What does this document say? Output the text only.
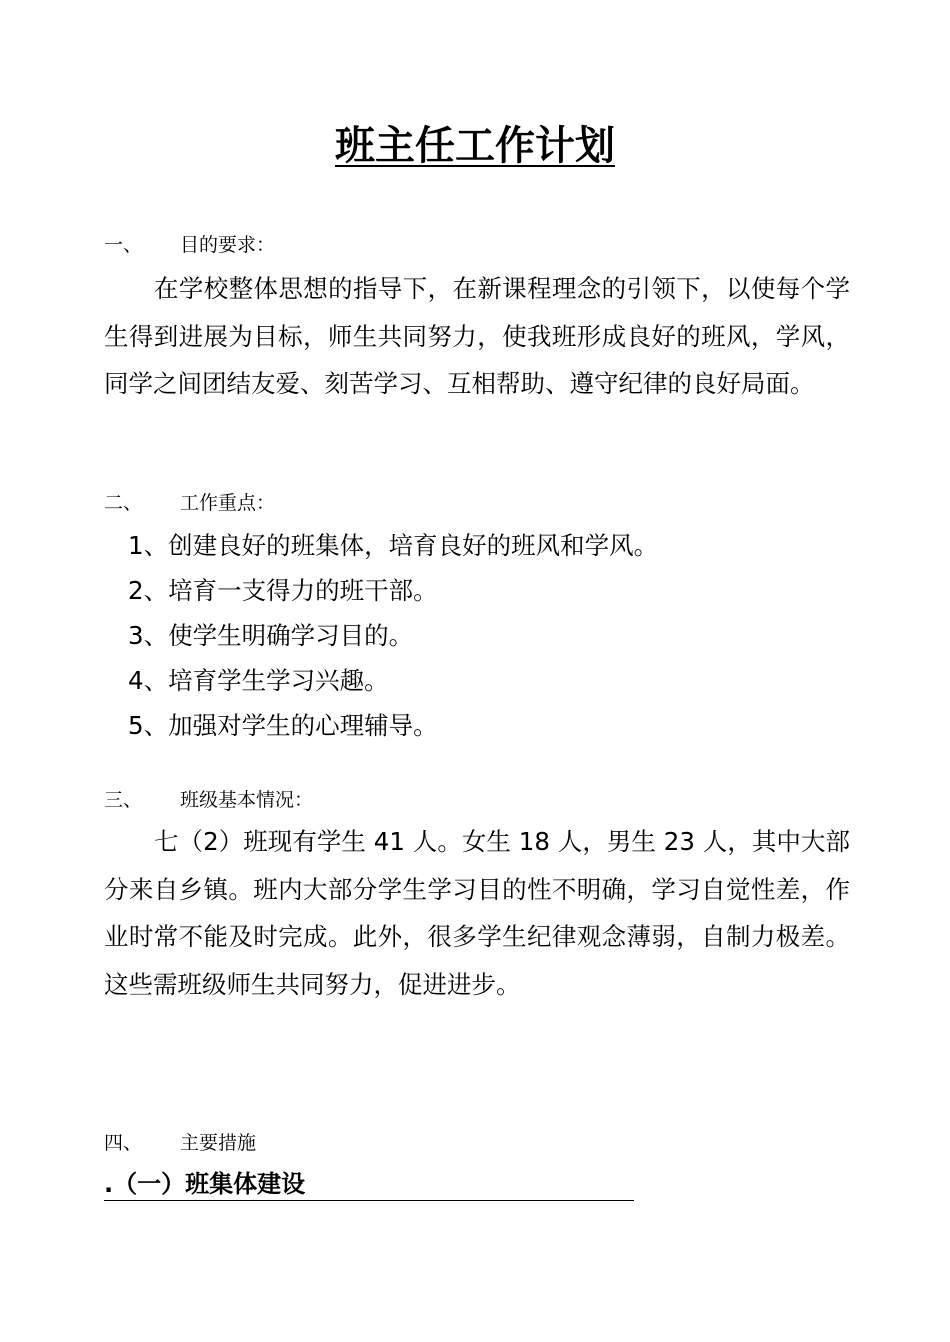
班主任工作计划
一、 目的要求：
在学校整体思想的指导下，在新课程理念的引领下，以使每个学生得到进展为目标，师生共同努力，使我班形成良好的班风，学风，同学之间团结友爱、刻苦学习、互相帮助、遵守纪律的良好局面。
二、 工作重点：
1、创建良好的班集体，培育良好的班风和学风。
2、培育一支得力的班干部。
3、使学生明确学习目的。
4、培育学生学习兴趣。
5、加强对学生的心理辅导。
三、 班级基本情况：
七（2）班现有学生 41 人。女生 18 人，男生 23 人，其中大部分来自乡镇。班内大部分学生学习目的性不明确，学习自觉性差，作业时常不能及时完成。此外，很多学生纪律观念薄弱，自制力极差。这些需班级师生共同努力，促进进步。
四、 主要措施
.（一）班集体建设
